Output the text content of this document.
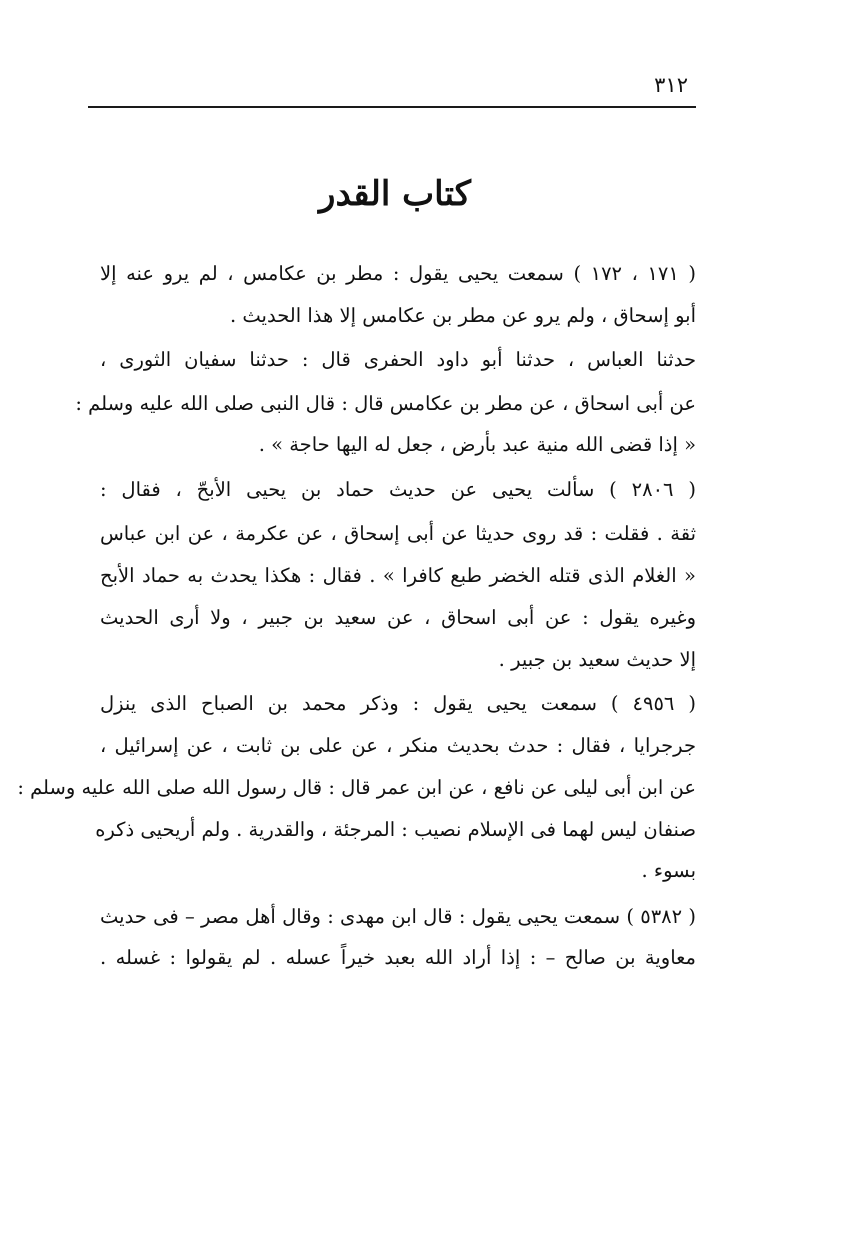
٣١٢
كتاب القدر
( ١٧١ ، ١٧٢ ) سمعت يحيى يقول : مطر بن عكامس ، لم يرو عنه إلا
أبو إسحاق ، ولم يرو عن مطر بن عكامس إلا هذا الحديث .
حدثنا العباس ، حدثنا أبو داود الحفرى قال : حدثنا سفيان الثورى ،
عن أبى اسحاق ، عن مطر بن عكامس قال : قال النبى صلى الله عليه وسلم :
« إذا قضى الله منية عبد بأرض ، جعل له اليها حاجة » .
( ٢٨٠٦ ) سألت يحيى عن حديث حماد بن يحيى الأبحّ ، فقال :
ثقة . فقلت : قد روى حديثا عن أبى إسحاق ، عن عكرمة ، عن ابن عباس
« الغلام الذى قتله الخضر طبع كافرا » . فقال : هكذا يحدث به حماد الأبح
وغيره يقول : عن أبى اسحاق ، عن سعيد بن جبير ، ولا أرى الحديث
إلا حديث سعيد بن جبير .
( ٤٩٥٦ ) سمعت يحيى يقول : وذكر محمد بن الصباح الذى ينزل
جرجرايا ، فقال : حدث بحديث منكر ، عن على بن ثابت ، عن إسرائيل ،
عن ابن أبى ليلى عن نافع ، عن ابن عمر قال : قال رسول الله صلى الله عليه وسلم :
صنفان ليس لهما فى الإسلام نصيب : المرجئة ، والقدرية . ولم أريحيى ذكره
بسوء .
( ٥٣٨٢ ) سمعت يحيى يقول : قال ابن مهدى : وقال أهل مصر – فى حديث
معاوية بن صالح – : إذا أراد الله بعبد خيراً عسله . لم يقولوا : غسله .
